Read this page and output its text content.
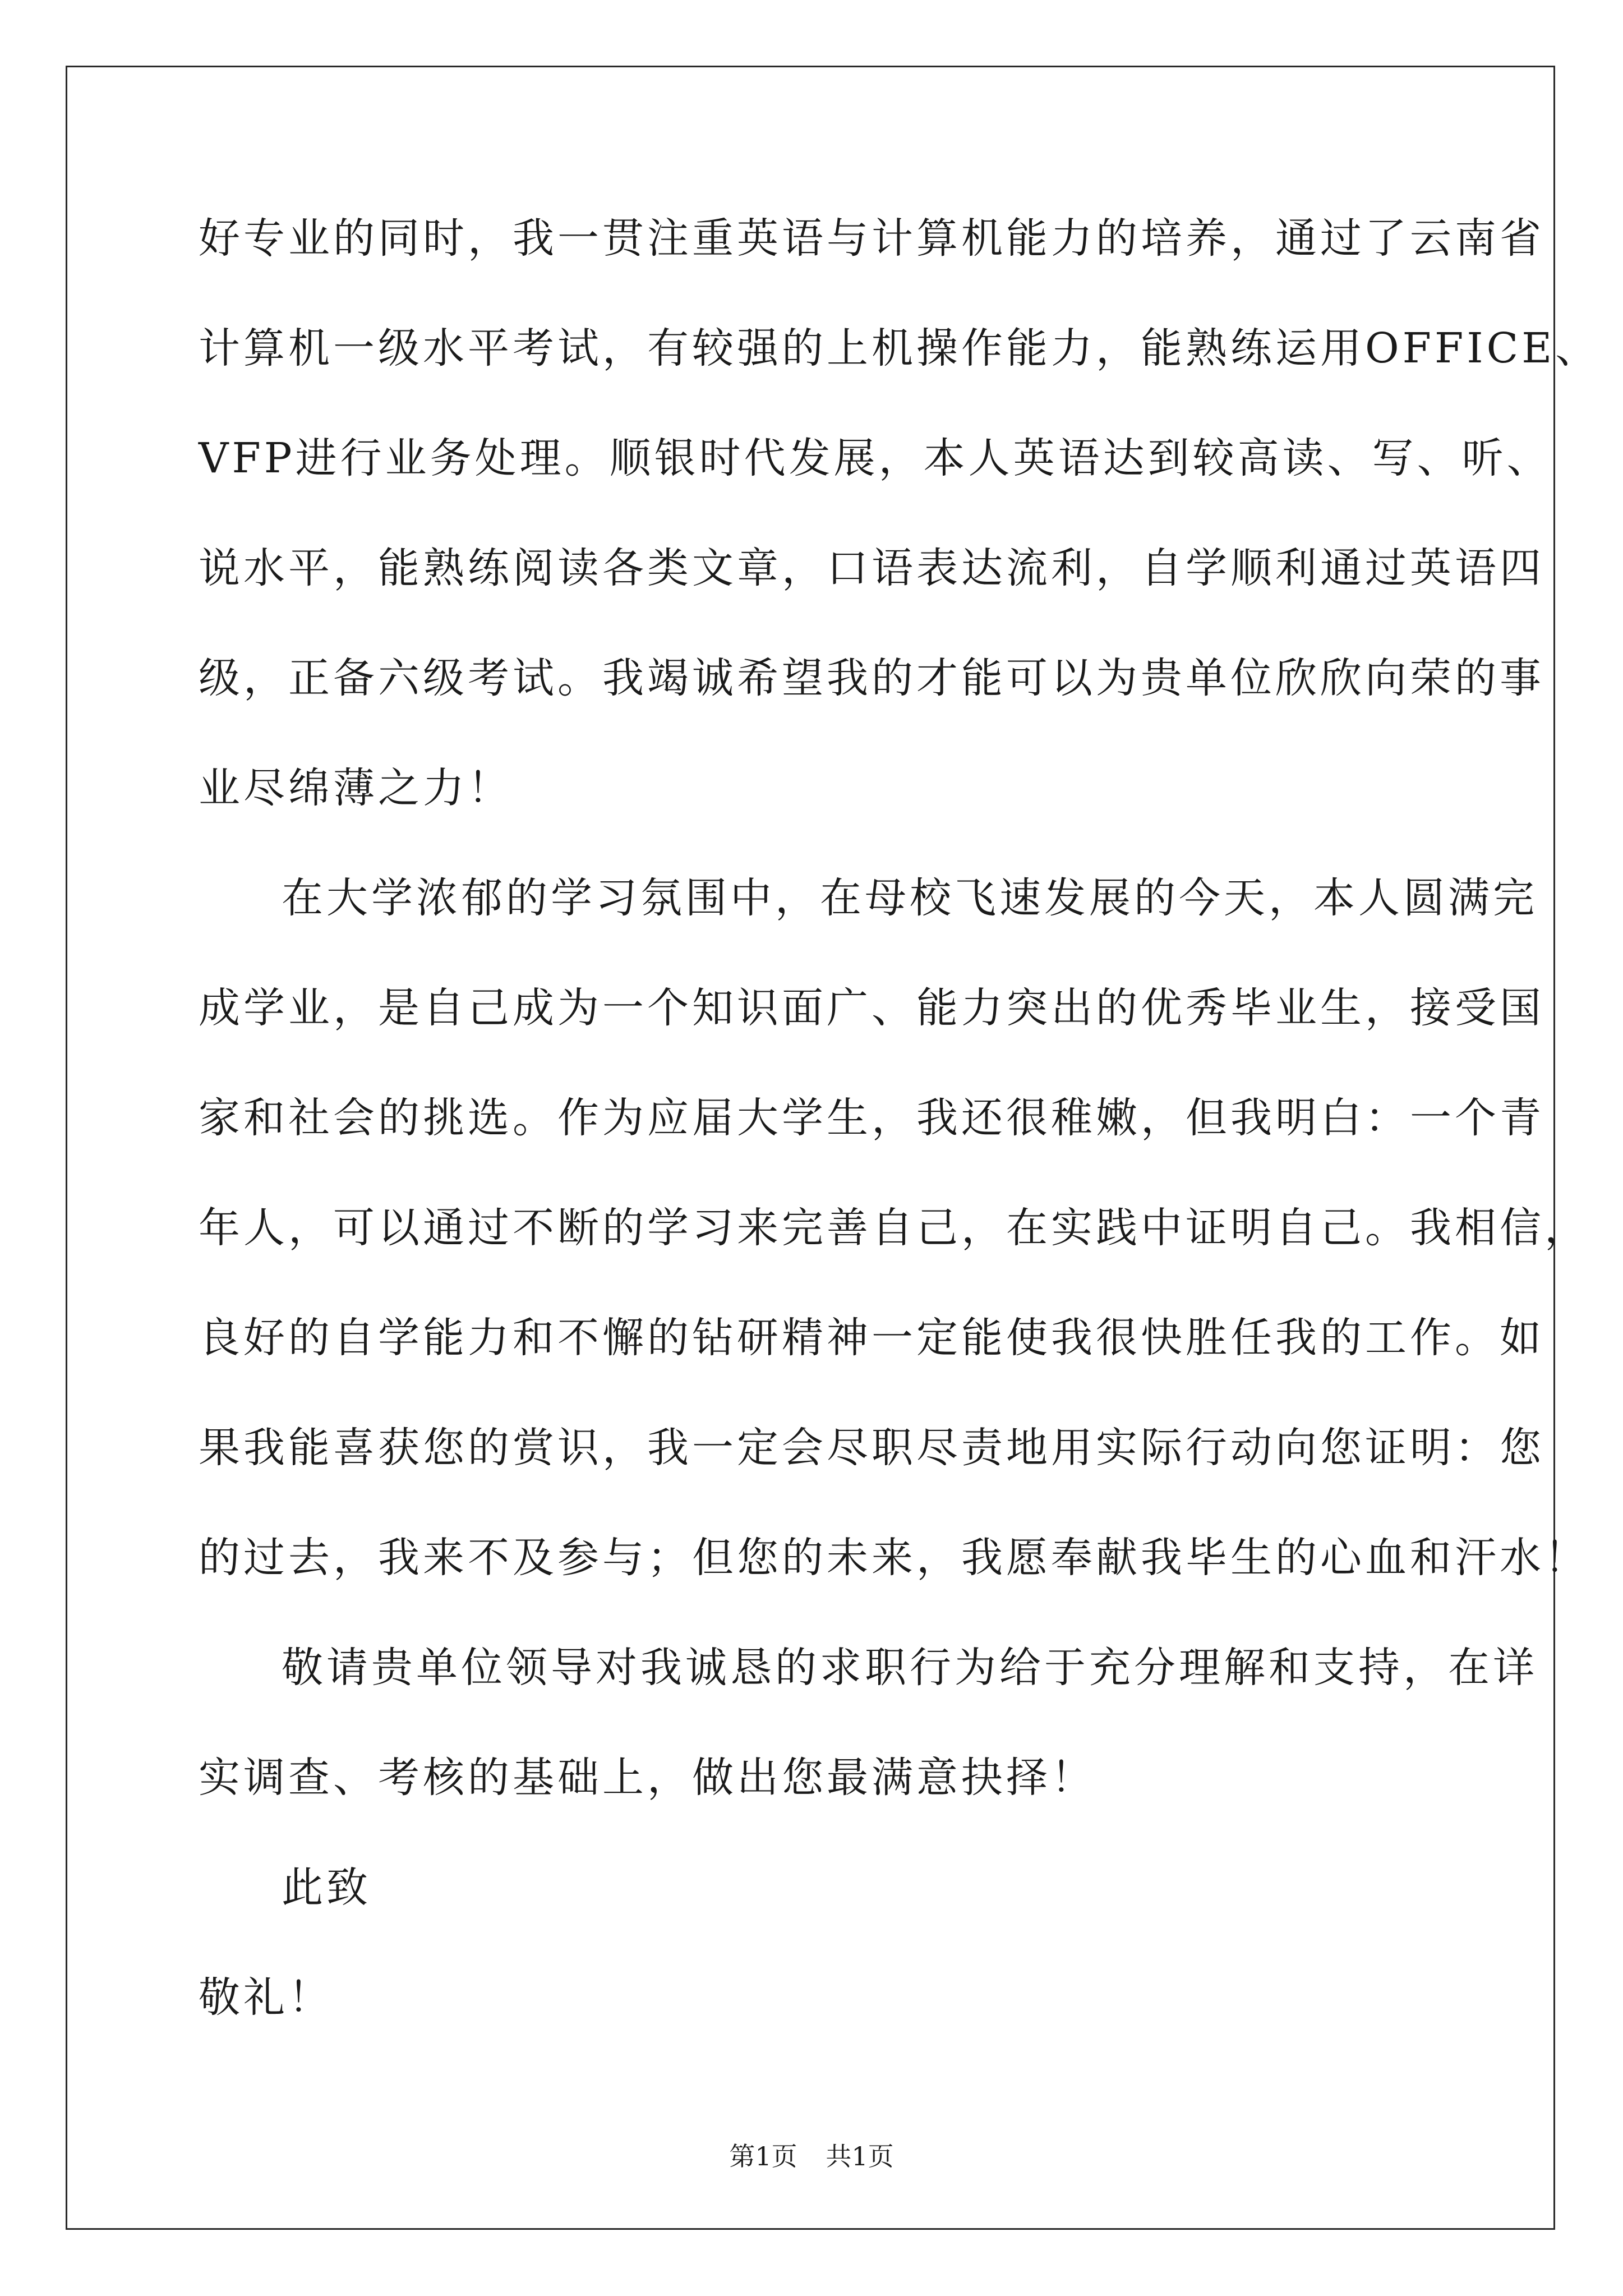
好专业的同时，我一贯注重英语与计算机能力的培养，通过了云南省
计算机一级水平考试，有较强的上机操作能力，能熟练运用OFFICE、
VFP进行业务处理。顺银时代发展，本人英语达到较高读、写、听、
说水平，能熟练阅读各类文章，口语表达流利，自学顺利通过英语四
级，正备六级考试。我竭诚希望我的才能可以为贵单位欣欣向荣的事
业尽绵薄之力！
在大学浓郁的学习氛围中，在母校飞速发展的今天，本人圆满完
成学业，是自己成为一个知识面广、能力突出的优秀毕业生，接受国
家和社会的挑选。作为应届大学生，我还很稚嫩，但我明白：一个青
年人，可以通过不断的学习来完善自己，在实践中证明自己。我相信，
良好的自学能力和不懈的钻研精神一定能使我很快胜任我的工作。如
果我能喜获您的赏识，我一定会尽职尽责地用实际行动向您证明：您
的过去，我来不及参与；但您的未来，我愿奉献我毕生的心血和汗水！
敬请贵单位领导对我诚恳的求职行为给于充分理解和支持，在详
实调查、考核的基础上，做出您最满意抉择！
此致
敬礼！
第1页 共1页
